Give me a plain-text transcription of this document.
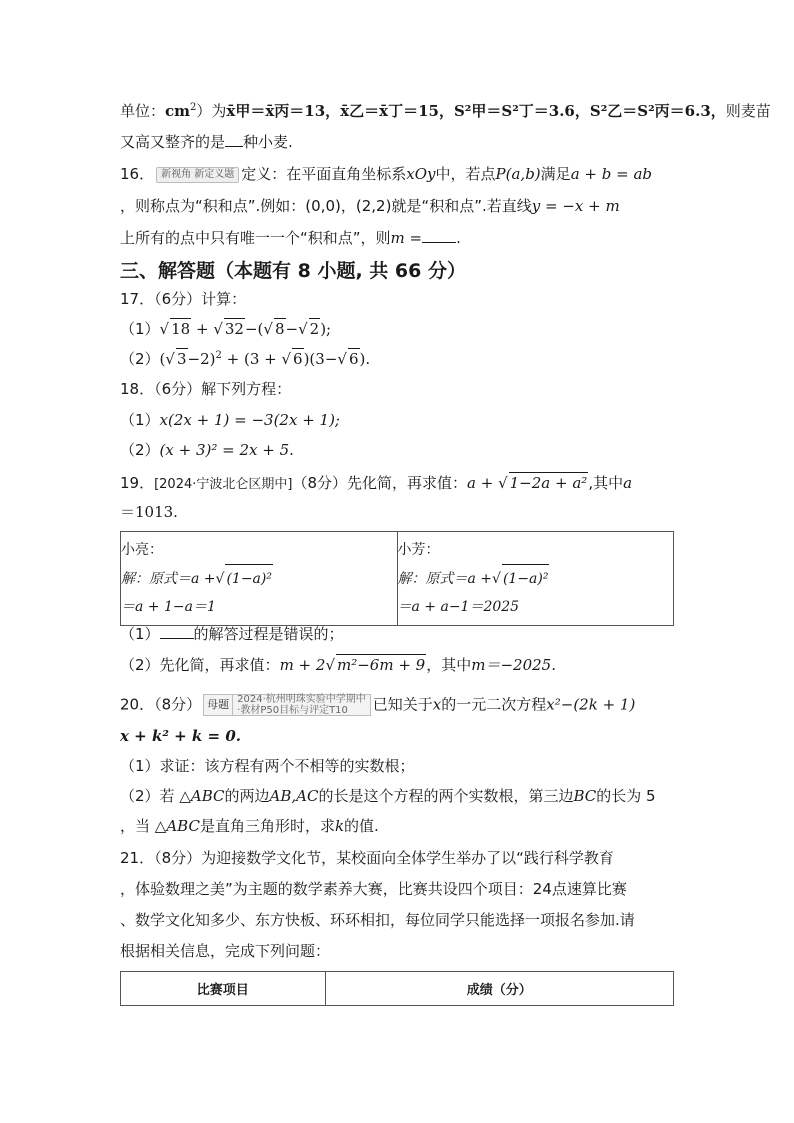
单位：$cm^2$）为x̄甲＝x̄丙＝13，x̄乙＝x̄丁＝15，S²甲＝S²丁＝3.6，S²乙＝S²丙＝6.3，则麦苗
又高又整齐的是 种小麦.
16． 新视角 新定义题 定义：在平面直角坐标系xOy中，若点P(a,b)满足a + b = ab
，则称点为“积和点”.例如：(0,0)，(2,2)就是“积和点”.若直线y = −x + m
上所有的点中只有唯一一个“积和点”，则m = .
三、解答题（本题有 8 小题, 共 66 分）
17．（6分）计算：
（1）√ 18 + √ 32−(√ 8−√ 2);
（2）(√ 3−2)$^2$ + (3 + √ 6)(3−√ 6).
18．（6分）解下列方程：
（1）x(2x + 1) = −3(2x + 1);
（2）(x + 3)² = 2x + 5.
19．[2024·宁波北仑区期中]（8分）先化简，再求值：a + √ 1−2a + a²,其中a
＝1013.
小亮：
解：原式＝a +√ (1−a)²
＝a + 1−a＝1

小芳：
解：原式＝a +√ (1−a)²
＝a + a−1＝2025
（1） 的解答过程是错误的；
（2）先化简，再求值：m + 2√ m²−6m + 9，其中m＝−2025.
20．（8分） 母题 2024·杭州明珠实验中学期中
·教材P50目标与评定T10	已知关于x的一元二次方程x²−(2k + 1)
x + k² + k = 0.
（1）求证：该方程有两个不相等的实数根；
（2）若 △ABC的两边AB,AC的长是这个方程的两个实数根，第三边BC的长为 5
，当 △ABC是直角三角形时，求k的值.
21．（8分）为迎接数学文化节，某校面向全体学生举办了以“践行科学教育
，体验数理之美”为主题的数学素养大赛，比赛共设四个项目：24点速算比赛
、数学文化知多少、东方快板、环环相扣，每位同学只能选择一项报名参加.请
根据相关信息，完成下列问题：
比赛项目	成绩（分）
